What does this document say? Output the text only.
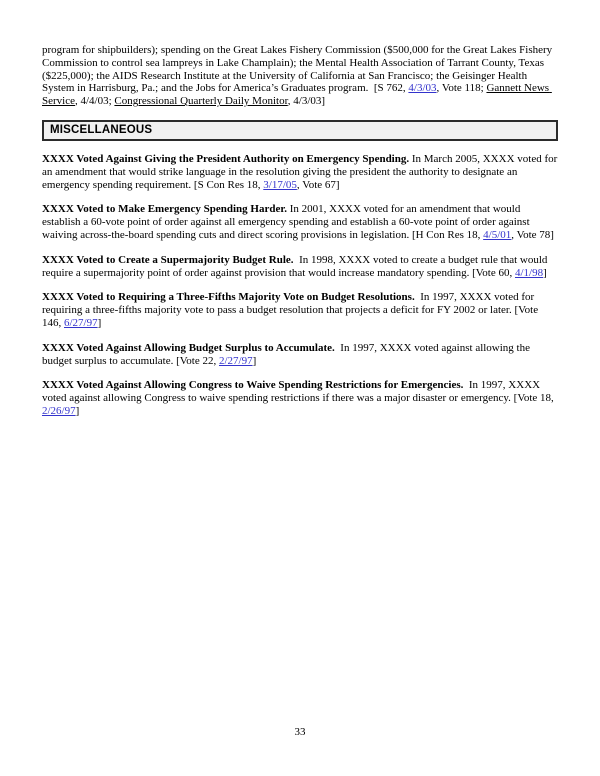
program for shipbuilders); spending on the Great Lakes Fishery Commission ($500,000 for the Great Lakes Fishery Commission to control sea lampreys in Lake Champlain); the Mental Health Association of Tarrant County, Texas ($225,000); the AIDS Research Institute at the University of California at San Francisco; the Geisinger Health System in Harrisburg, Pa.; and the Jobs for America’s Graduates program.  [S 762, 4/3/03, Vote 118; Gannett News Service, 4/4/03; Congressional Quarterly Daily Monitor, 4/3/03]

MISCELLANEOUS

XXXX Voted Against Giving the President Authority on Emergency Spending. In March 2005, XXXX voted for an amendment that would strike language in the resolution giving the president the authority to designate an emergency spending requirement. [S Con Res 18, 3/17/05, Vote 67]

XXXX Voted to Make Emergency Spending Harder. In 2001, XXXX voted for an amendment that would establish a 60-vote point of order against all emergency spending and establish a 60-vote point of order against waiving across-the-board spending cuts and direct scoring provisions in legislation. [H Con Res 18, 4/5/01, Vote 78]

XXXX Voted to Create a Supermajority Budget Rule.  In 1998, XXXX voted to create a budget rule that would require a supermajority point of order against provision that would increase mandatory spending. [Vote 60, 4/1/98]

XXXX Voted to Requiring a Three-Fifths Majority Vote on Budget Resolutions.  In 1997, XXXX voted for requiring a three-fifths majority vote to pass a budget resolution that projects a deficit for FY 2002 or later. [Vote 146, 6/27/97]

XXXX Voted Against Allowing Budget Surplus to Accumulate.  In 1997, XXXX voted against allowing the budget surplus to accumulate. [Vote 22, 2/27/97]

XXXX Voted Against Allowing Congress to Waive Spending Restrictions for Emergencies.  In 1997, XXXX voted against allowing Congress to waive spending restrictions if there was a major disaster or emergency. [Vote 18, 2/26/97]

33
